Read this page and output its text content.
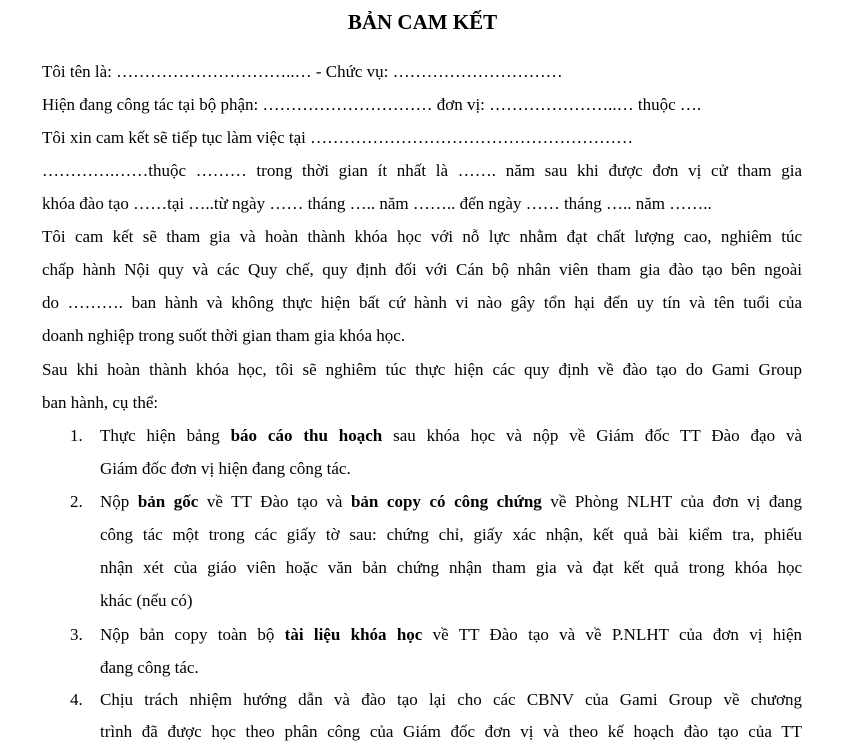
BẢN CAM KẾT
Tôi tên là: …………………………..… - Chức vụ: …………………………
Hiện đang công tác tại bộ phận: ………………………… đơn vị: …………………..… thuộc ….
Tôi xin cam kết sẽ tiếp tục làm việc tại …………………………………………………
………….……thuộc ……… trong thời gian ít nhất là ……. năm sau khi được đơn vị cử tham gia
khóa đào tạo ……tại …..từ ngày …… tháng ….. năm …….. đến ngày …… tháng ….. năm ……..
Tôi cam kết sẽ tham gia và hoàn thành khóa học với nỗ lực nhằm đạt chất lượng cao, nghiêm túc
chấp hành Nội quy và các Quy chế, quy định đối với Cán bộ nhân viên tham gia đào tạo bên ngoài
do ………. ban hành và không thực hiện bất cứ hành vi nào gây tổn hại đến uy tín và tên tuổi của
doanh nghiệp trong suốt thời gian tham gia khóa học.
Sau khi hoàn thành khóa học, tôi sẽ nghiêm túc thực hiện các quy định về đào tạo do Gami Group
ban hành, cụ thể:
1.	Thực hiện bảng báo cáo thu hoạch sau khóa học và nộp về Giám đốc TT Đào đạo và
Giám đốc đơn vị hiện đang công tác.
2.	Nộp bản gốc về TT Đào tạo và bản copy có công chứng về Phòng NLHT của đơn vị đang
công tác một trong các giấy tờ sau: chứng chỉ, giấy xác nhận, kết quả bài kiểm tra, phiếu
nhận xét của giáo viên hoặc văn bản chứng nhận tham gia và đạt kết quả trong khóa học
khác (nếu có)
3.	Nộp bản copy toàn bộ tài liệu khóa học về TT Đào tạo và về P.NLHT của đơn vị hiện
đang công tác.
4.	Chịu trách nhiệm hướng dẫn và đào tạo lại cho các CBNV của Gami Group về chương
trình đã được học theo phân công của Giám đốc đơn vị và theo kế hoạch đào tạo của TT
